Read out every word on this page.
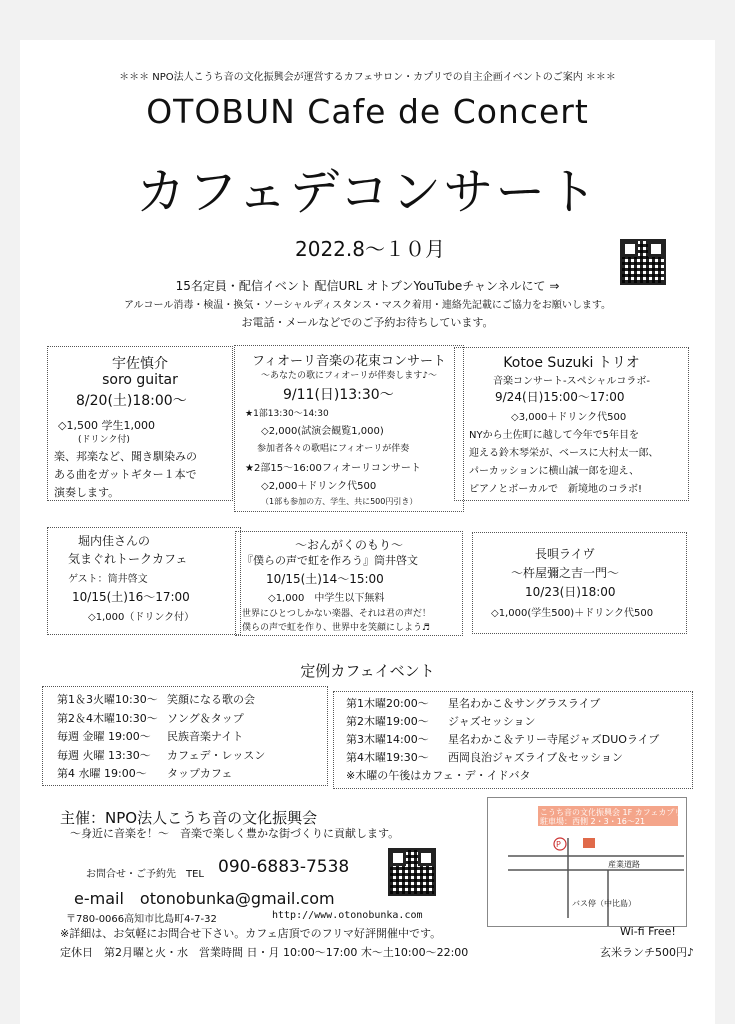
＊＊＊ NPO法人こうち音の文化振興会が運営するカフェサロン・カプリでの自主企画イベントのご案内 ＊＊＊
OTOBUN Cafe de Concert
カフェデコンサート
2022.8～１０月
15名定員・配信イベント 配信URL オトブンYouTubeチャンネルにて ⇒
アルコール消毒・検温・換気・ソーシャルディスタンス・マスク着用・連絡先記載にご協力をお願いします。
お電話・メールなどでのご予約お待ちしています。
宇佐慎介
soro guitar
8/20(土)18:00～
◇1,500 学生1,000
(ドリンク付)
楽、邦楽など、聞き馴染みの
ある曲をガットギター１本で
演奏します。
フィオーリ音楽の花束コンサート
～あなたの歌にフィオーリが伴奏します♪～
9/11(日)13:30～
★1部13:30～14:30
◇2,000(試演会観覧1,000)
参加者各々の歌唱にフィオーリが伴奏
★2部15～16:00フィオーリコンサート
◇2,000＋ドリンク代500
（1部も参加の方、学生、共に500円引き）
Kotoe Suzuki トリオ
音楽コンサート-スペシャルコラボ-
9/24(日)15:00～17:00
◇3,000＋ドリンク代500
NYから土佐町に越して今年で5年目を
迎える鈴木琴栄が、ベースに大村太一郎、
パーカッションに横山誠一郎を迎え、
ピアノとボーカルで　新境地のコラボ!
堀内佳さんの
気まぐれトークカフェ
ゲスト：筒井啓文
10/15(土)16～17:00
◇1,000（ドリンク付）
～おんがくのもり～
『僕らの声で虹を作ろう』筒井啓文
10/15(土)14～15:00
◇1,000　中学生以下無料
世界にひとつしかない楽器、それは君の声だ！
僕らの声で虹を作り、世界中を笑顔にしよう♬
長唄ライヴ
～杵屋彌之吉一門～
10/23(日)18:00
◇1,000(学生500)＋ドリンク代500
定例カフェイベント
第1＆3火曜10:30～ 笑顔になる歌の会
第2＆4木曜10:30～ ソング＆タップ
毎週 金曜 19:00～	民族音楽ナイト
毎週 火曜 13:30～	カフェデ・レッスン
第4 水曜 19:00～	タップカフェ
第1木曜20:00～	星名わかこ＆サングラスライブ
第2木曜19:00～	ジャズセッション
第3木曜14:00～	星名わかこ＆テリー寺尾ジャズDUOライブ
第4木曜19:30～	西岡良治ジャズライブ＆セッション
※木曜の午後はカフェ・デ・イドバタ
主催：NPO法人こうち音の文化振興会
～身近に音楽を！～　音楽で楽しく豊かな街づくりに貢献します。
お問合せ・ご予約先　TEL 090-6883-7538
e-mail　otonobunka@gmail.com
〒780-0066高知市比島町4-7-32	http://www.otonobunka.com
こうち音の文化振興会 1F カフェカプリ
駐車場：西側 2・3・16～21
P
産業道路
バス停（中比島）
※詳細は、お気軽にお問合せ下さい。カフェ店頂でのフリマ好評開催中です。	Wi-fi Free!
定休日　第2月曜と火・水　営業時間 日・月 10:00～17:00 木～土10:00～22:00	玄米ランチ500円♪
